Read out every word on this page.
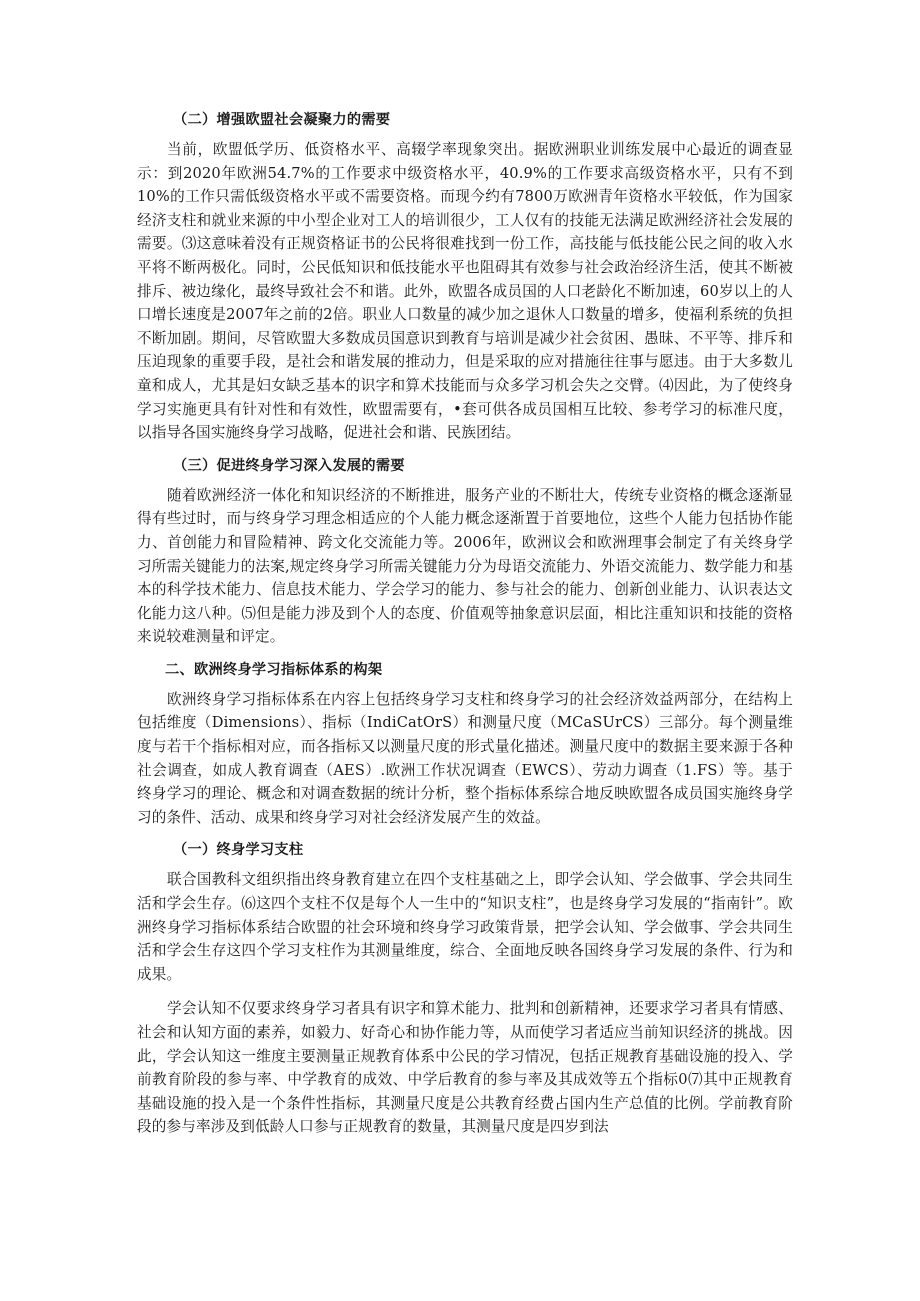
（二）增强欧盟社会凝聚力的需要

当前，欧盟低学历、低资格水平、高辍学率现象突出。据欧洲职业训练发展中心最近的调查显示：到2020年欧洲54.7%的工作要求中级资格水平，40.9%的工作要求高级资格水平，只有不到10%的工作只需低级资格水平或不需要资格。而现今约有7800万欧洲青年资格水平较低，作为国家经济支柱和就业来源的中小型企业对工人的培训很少，工人仅有的技能无法满足欧洲经济社会发展的需要。⑶这意味着没有正规资格证书的公民将很难找到一份工作，高技能与低技能公民之间的收入水平将不断两极化。同时，公民低知识和低技能水平也阻碍其有效参与社会政治经济生活，使其不断被排斥、被边缘化，最终导致社会不和谐。此外，欧盟各成员国的人口老龄化不断加速，60岁以上的人口增长速度是2007年之前的2倍。职业人口数量的减少加之退休人口数量的增多，使福利系统的负担不断加剧。期间，尽管欧盟大多数成员国意识到教育与培训是减少社会贫困、愚昧、不平等、排斥和压迫现象的重要手段，是社会和谐发展的推动力，但是采取的应对措施往往事与愿违。由于大多数儿童和成人，尤其是妇女缺乏基本的识字和算术技能而与众多学习机会失之交臂。⑷因此，为了使终身学习实施更具有针对性和有效性，欧盟需要有，•套可供各成员国相互比较、参考学习的标准尺度，以指导各国实施终身学习战略，促进社会和谐、民族团结。

（三）促进终身学习深入发展的需要

随着欧洲经济一体化和知识经济的不断推进，服务产业的不断壮大，传统专业资格的概念逐渐显得有些过时，而与终身学习理念相适应的个人能力概念逐渐置于首要地位，这些个人能力包括协作能力、首创能力和冒险精神、跨文化交流能力等。2006年，欧洲议会和欧洲理事会制定了有关终身学习所需关键能力的法案,规定终身学习所需关键能力分为母语交流能力、外语交流能力、数学能力和基本的科学技术能力、信息技术能力、学会学习的能力、参与社会的能力、创新创业能力、认识表达文化能力这八种。⑸但是能力涉及到个人的态度、价值观等抽象意识层面，相比注重知识和技能的资格来说较难测量和评定。

二、欧洲终身学习指标体系的构架

欧洲终身学习指标体系在内容上包括终身学习支柱和终身学习的社会经济效益两部分，在结构上包括维度（Dimensions）、指标（IndiCatOrS）和测量尺度（MCaSUrCS）三部分。每个测量维度与若干个指标相对应，而各指标又以测量尺度的形式量化描述。测量尺度中的数据主要来源于各种社会调查，如成人教育调查（AES）.欧洲工作状况调查（EWCS）、劳动力调查（1.FS）等。基于终身学习的理论、概念和对调查数据的统计分析，整个指标体系综合地反映欧盟各成员国实施终身学习的条件、活动、成果和终身学习对社会经济发展产生的效益。

（一）终身学习支柱

联合国教科文组织指出终身教育建立在四个支柱基础之上，即学会认知、学会做事、学会共同生活和学会生存。⑹这四个支柱不仅是每个人一生中的“知识支柱”，也是终身学习发展的“指南针”。欧洲终身学习指标体系结合欧盟的社会环境和终身学习政策背景，把学会认知、学会做事、学会共同生活和学会生存这四个学习支柱作为其测量维度，综合、全面地反映各国终身学习发展的条件、行为和成果。

学会认知不仅要求终身学习者具有识字和算术能力、批判和创新精神，还要求学习者具有情感、社会和认知方面的素养，如毅力、好奇心和协作能力等，从而使学习者适应当前知识经济的挑战。因此，学会认知这一维度主要测量正规教育体系中公民的学习情况，包括正规教育基础设施的投入、学前教育阶段的参与率、中学教育的成效、中学后教育的参与率及其成效等五个指标0⑺其中正规教育基础设施的投入是一个条件性指标，其测量尺度是公共教育经费占国内生产总值的比例。学前教育阶段的参与率涉及到低龄人口参与正规教育的数量，其测量尺度是四岁到法
